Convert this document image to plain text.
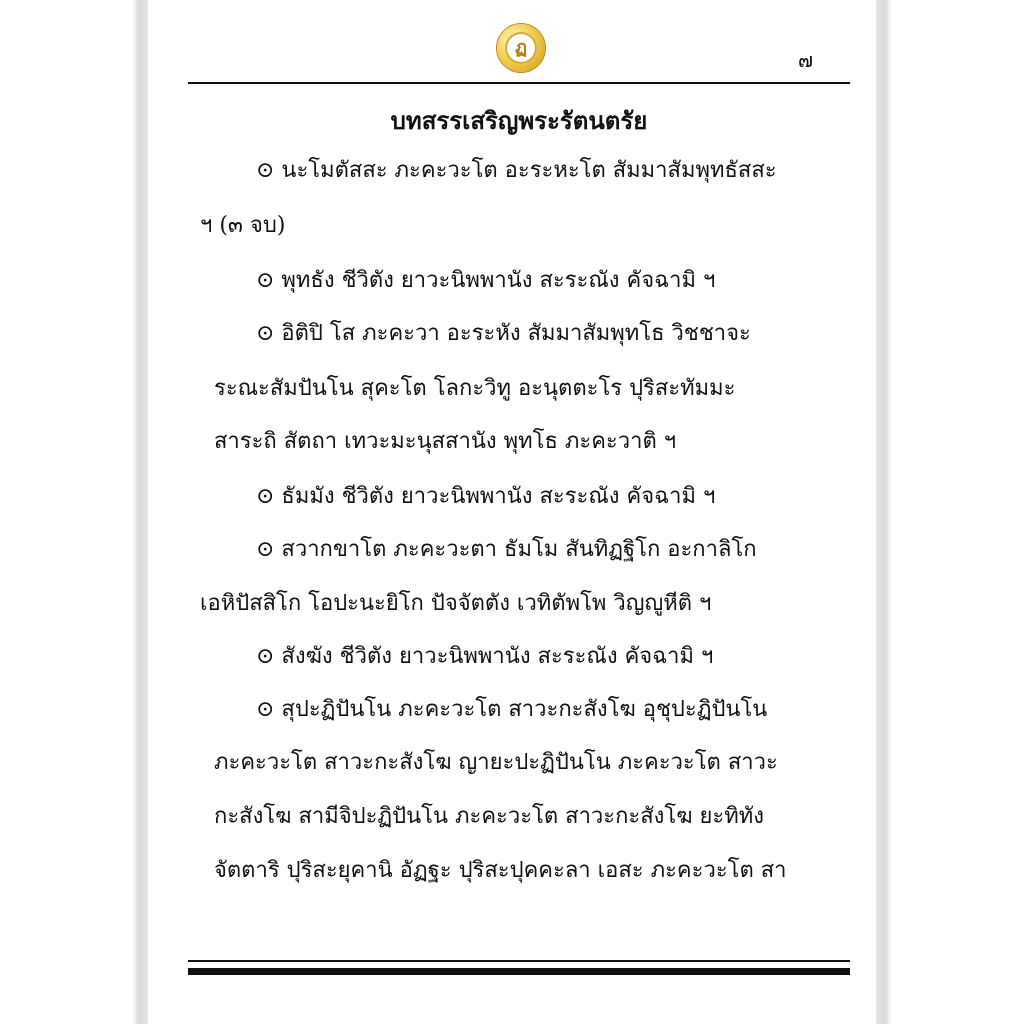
ฏ
๗
บทสรรเสริญพระรัตนตรัย
⊙ นะโมตัสสะ ภะคะวะโต อะระหะโต สัมมาสัมพุทธัสสะ
ฯ (๓ จบ)
⊙ พุทธัง ชีวิตัง ยาวะนิพพานัง สะระณัง คัจฉามิ ฯ
⊙ อิติปิ โส ภะคะวา อะระหัง สัมมาสัมพุทโธ วิชชาจะ
ระณะสัมปันโน สุคะโต โลกะวิทู อะนุตตะโร ปุริสะทัมมะ
สาระถิ สัตถา เทวะมะนุสสานัง พุทโธ ภะคะวาติ ฯ
⊙ ธัมมัง ชีวิตัง ยาวะนิพพานัง สะระณัง คัจฉามิ ฯ
⊙ สวากขาโต ภะคะวะตา ธัมโม สันทิฏฐิโก อะกาลิโก
เอหิปัสสิโก โอปะนะยิโก ปัจจัตตัง เวทิตัพโพ วิญญูหีติ ฯ
⊙ สังฆัง ชีวิตัง ยาวะนิพพานัง สะระณัง คัจฉามิ ฯ
⊙ สุปะฏิปันโน ภะคะวะโต สาวะกะสังโฆ อุชุปะฏิปันโน
ภะคะวะโต สาวะกะสังโฆ ญายะปะฏิปันโน ภะคะวะโต สาวะ
กะสังโฆ สามีจิปะฏิปันโน ภะคะวะโต สาวะกะสังโฆ ยะทิทัง
จัตตาริ ปุริสะยุคานิ อัฏฐะ ปุริสะปุคคะลา เอสะ ภะคะวะโต สา
